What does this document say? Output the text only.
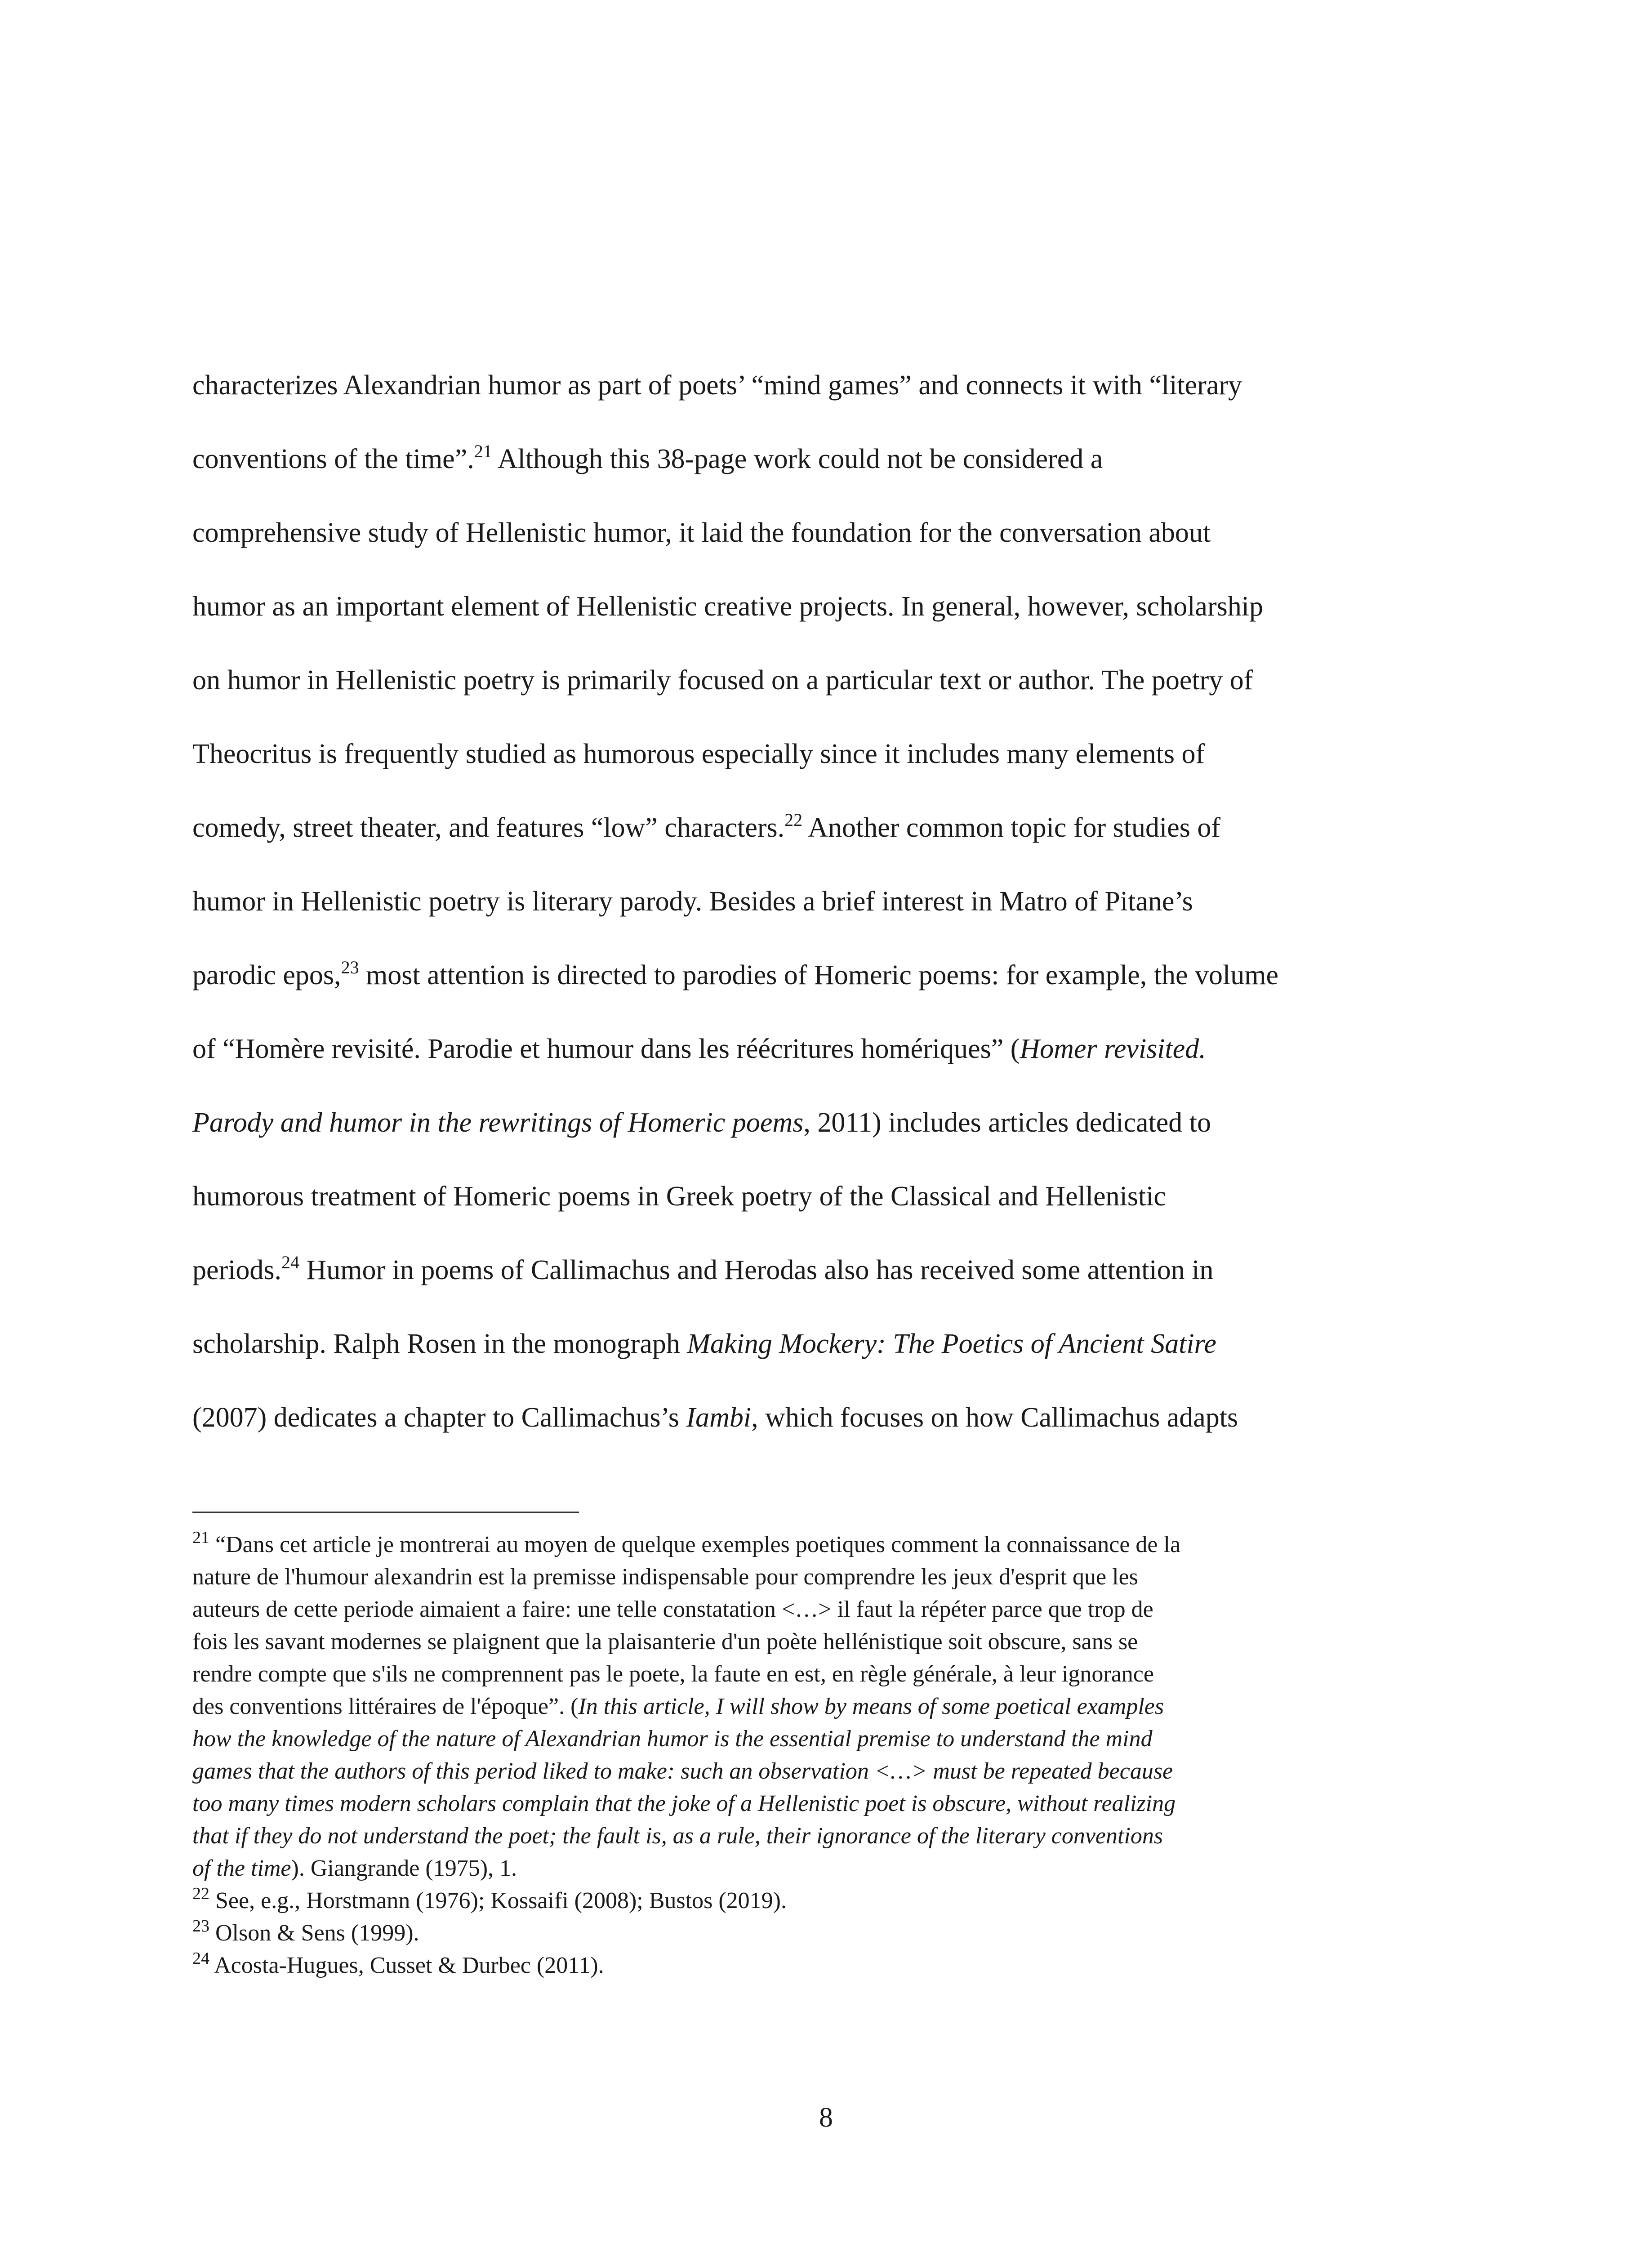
characterizes Alexandrian humor as part of poets’ “mind games” and connects it with “literary
conventions of the time”.$^{21}$ Although this 38-page work could not be considered a
comprehensive study of Hellenistic humor, it laid the foundation for the conversation about
humor as an important element of Hellenistic creative projects. In general, however, scholarship
on humor in Hellenistic poetry is primarily focused on a particular text or author. The poetry of
Theocritus is frequently studied as humorous especially since it includes many elements of
comedy, street theater, and features “low” characters.$^{22}$ Another common topic for studies of
humor in Hellenistic poetry is literary parody. Besides a brief interest in Matro of Pitane’s
parodic epos,$^{23}$ most attention is directed to parodies of Homeric poems: for example, the volume
of “Homère revisité. Parodie et humour dans les réécritures homériques” (Homer revisited.
Parody and humor in the rewritings of Homeric poems, 2011) includes articles dedicated to
humorous treatment of Homeric poems in Greek poetry of the Classical and Hellenistic
periods.$^{24}$ Humor in poems of Callimachus and Herodas also has received some attention in
scholarship. Ralph Rosen in the monograph Making Mockery: The Poetics of Ancient Satire
(2007) dedicates a chapter to Callimachus’s Iambi, which focuses on how Callimachus adapts
$^{21}$ “Dans cet article je montrerai au moyen de quelque exemples poetiques comment la connaissance de la
nature de l'humour alexandrin est la premisse indispensable pour comprendre les jeux d'esprit que les
auteurs de cette periode aimaient a faire: une telle constatation <…> il faut la répéter parce que trop de
fois les savant modernes se plaignent que la plaisanterie d'un poète hellénistique soit obscure, sans se
rendre compte que s'ils ne comprennent pas le poete, la faute en est, en règle générale, à leur ignorance
des conventions littéraires de l'époque”. (In this article, I will show by means of some poetical examples
how the knowledge of the nature of Alexandrian humor is the essential premise to understand the mind
games that the authors of this period liked to make: such an observation <…> must be repeated because
too many times modern scholars complain that the joke of a Hellenistic poet is obscure, without realizing
that if they do not understand the poet; the fault is, as a rule, their ignorance of the literary conventions
of the time). Giangrande (1975), 1.
$^{22}$ See, e.g., Horstmann (1976); Kossaifi (2008); Bustos (2019).
$^{23}$ Olson & Sens (1999).
$^{24}$ Acosta-Hugues, Cusset & Durbec (2011).
8
